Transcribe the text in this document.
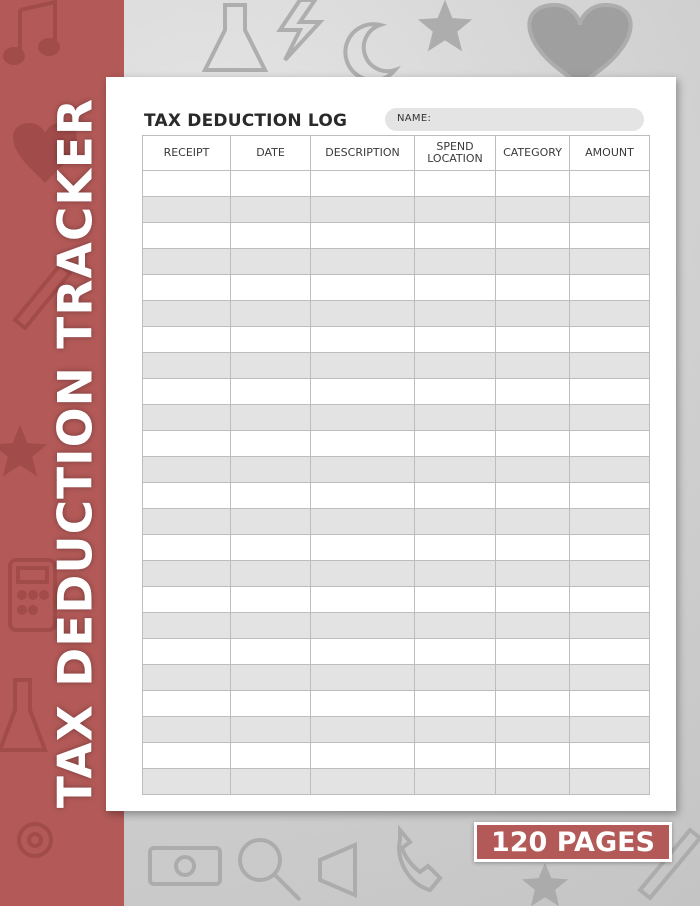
TAX DEDUCTION TRACKER TAX DEDUCTION LOG	NAME:
RECEIPT	DATE	DESCRIPTION	SPEND LOCATION	CATEGORY	AMOUNT

120 PAGES
